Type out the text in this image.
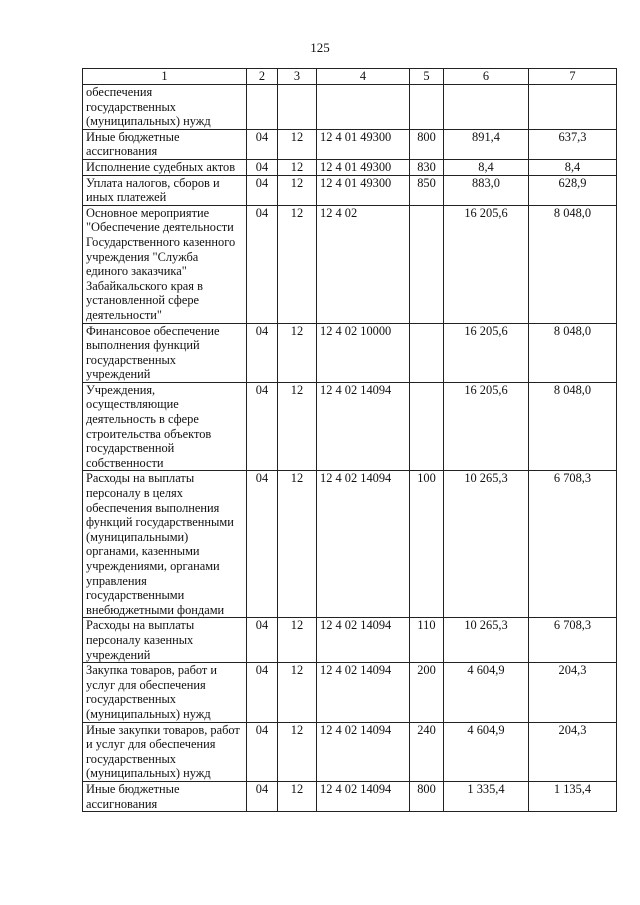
125
1	2	3	4	5	6	7
обеспечения государственных (муниципальных) нужд						
Иные бюджетные ассигнования	04	12	12 4 01 49300	800	891,4	637,3
Исполнение судебных актов	04	12	12 4 01 49300	830	8,4	8,4
Уплата налогов, сборов и иных платежей	04	12	12 4 01 49300	850	883,0	628,9
Основное мероприятие "Обеспечение деятельности Государственного казенного учреждения "Служба единого заказчика" Забайкальского края в установленной сфере деятельности"	04	12	12 4 02		16 205,6	8 048,0
Финансовое обеспечение выполнения функций государственных учреждений	04	12	12 4 02 10000		16 205,6	8 048,0
Учреждения, осуществляющие деятельность в сфере строительства объектов государственной собственности	04	12	12 4 02 14094		16 205,6	8 048,0
Расходы на выплаты персоналу в целях обеспечения выполнения функций государственными (муниципальными) органами, казенными учреждениями, органами управления государственными внебюджетными фондами	04	12	12 4 02 14094	100	10 265,3	6 708,3
Расходы на выплаты персоналу казенных учреждений	04	12	12 4 02 14094	110	10 265,3	6 708,3
Закупка товаров, работ и услуг для обеспечения государственных (муниципальных) нужд	04	12	12 4 02 14094	200	4 604,9	204,3
Иные закупки товаров, работ и услуг для обеспечения государственных (муниципальных) нужд	04	12	12 4 02 14094	240	4 604,9	204,3
Иные бюджетные ассигнования	04	12	12 4 02 14094	800	1 335,4	1 135,4
